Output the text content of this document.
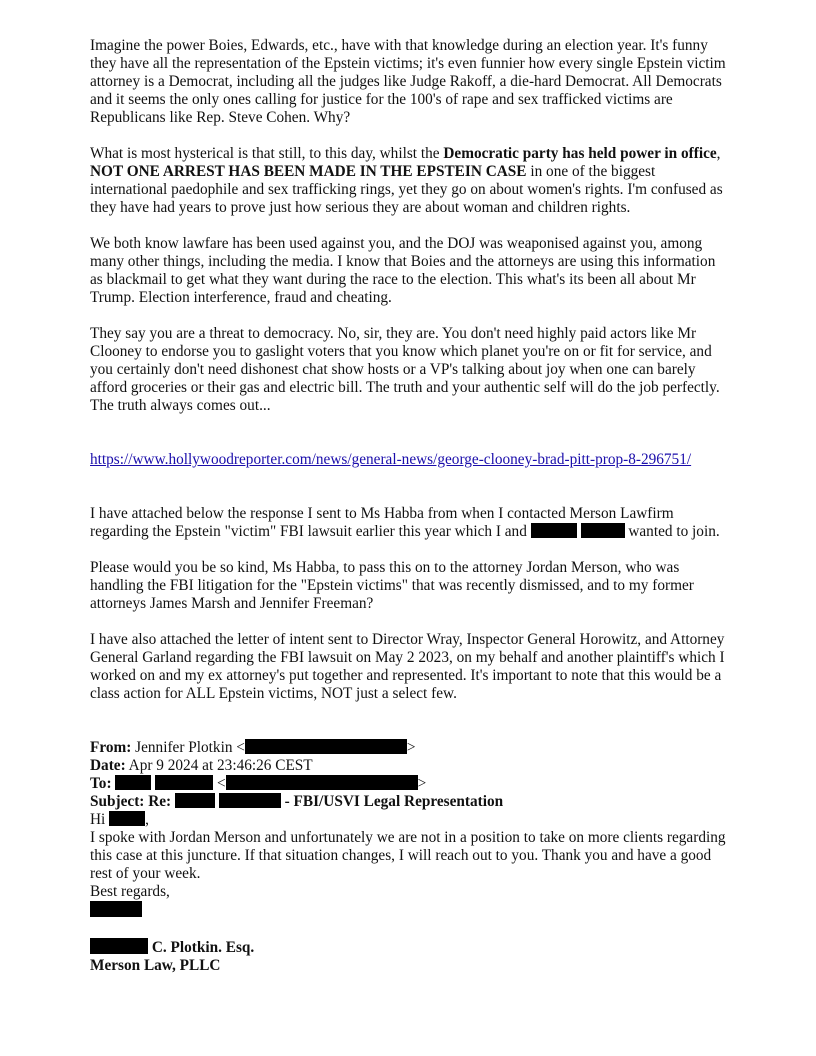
Imagine the power Boies, Edwards, etc., have with that knowledge during an election year. It's funny they have all the representation of the Epstein victims; it's even funnier how every single Epstein victim attorney is a Democrat, including all the judges like Judge Rakoff, a die-hard Democrat. All Democrats and it seems the only ones calling for justice for the 100's of rape and sex trafficked victims are Republicans like Rep. Steve Cohen. Why?

What is most hysterical is that still, to this day, whilst the Democratic party has held power in office, NOT ONE ARREST HAS BEEN MADE IN THE EPSTEIN CASE in one of the biggest international paedophile and sex trafficking rings, yet they go on about women's rights. I'm confused as they have had years to prove just how serious they are about woman and children rights.

We both know lawfare has been used against you, and the DOJ was weaponised against you, among many other things, including the media. I know that Boies and the attorneys are using this information as blackmail to get what they want during the race to the election. This what's its been all about Mr Trump. Election interference, fraud and cheating.

They say you are a threat to democracy. No, sir, they are. You don't need highly paid actors like Mr Clooney to endorse you to gaslight voters that you know which planet you're on or fit for service, and you certainly don't need dishonest chat show hosts or a VP's talking about joy when one can barely afford groceries or their gas and electric bill. The truth and your authentic self will do the job perfectly. The truth always comes out...

https://www.hollywoodreporter.com/news/general-news/george-clooney-brad-pitt-prop-8-296751/

I have attached below the response I sent to Ms Habba from when I contacted Merson Lawfirm regarding the Epstein "victim" FBI lawsuit earlier this year which I and	wanted to join.

Please would you be so kind, Ms Habba, to pass this on to the attorney Jordan Merson, who was handling the FBI litigation for the "Epstein victims" that was recently dismissed, and to my former attorneys James Marsh and Jennifer Freeman?

I have also attached the letter of intent sent to Director Wray, Inspector General Horowitz, and Attorney General Garland regarding the FBI lawsuit on May 2 2023, on my behalf and another plaintiff's which I worked on and my ex attorney's put together and represented. It's important to note that this would be a class action for ALL Epstein victims, NOT just a select few.

From: Jennifer Plotkin <	>
Date: Apr 9 2024 at 23:46:26 CEST
To:	<	>
Subject: Re:	- FBI/USVI Legal Representation
Hi ,

I spoke with Jordan Merson and unfortunately we are not in a position to take on more clients regarding this case at this juncture. If that situation changes, I will reach out to you. Thank you and have a good rest of your week.

Best regards,
C. Plotkin. Esq.
Merson Law, PLLC
